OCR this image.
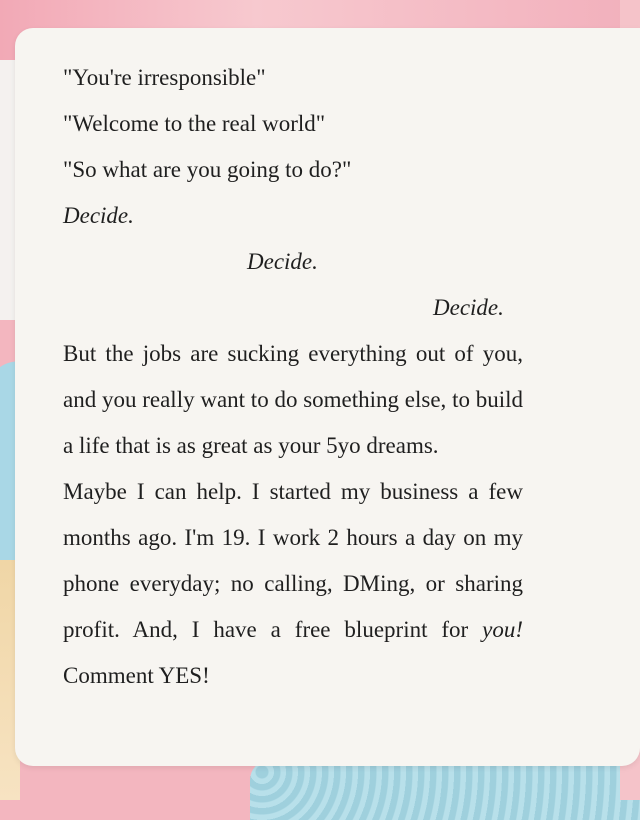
"You're irresponsible"
"Welcome to the real world"
"So what are you going to do?"
Decide.
Decide.
Decide.
But the jobs are sucking everything out of you, and you really want to do something else, to build a life that is as great as your 5yo dreams.
Maybe I can help. I started my business a few months ago. I'm 19. I work 2 hours a day on my phone everyday; no calling, DMing, or sharing profit. And, I have a free blueprint for you! Comment YES!
